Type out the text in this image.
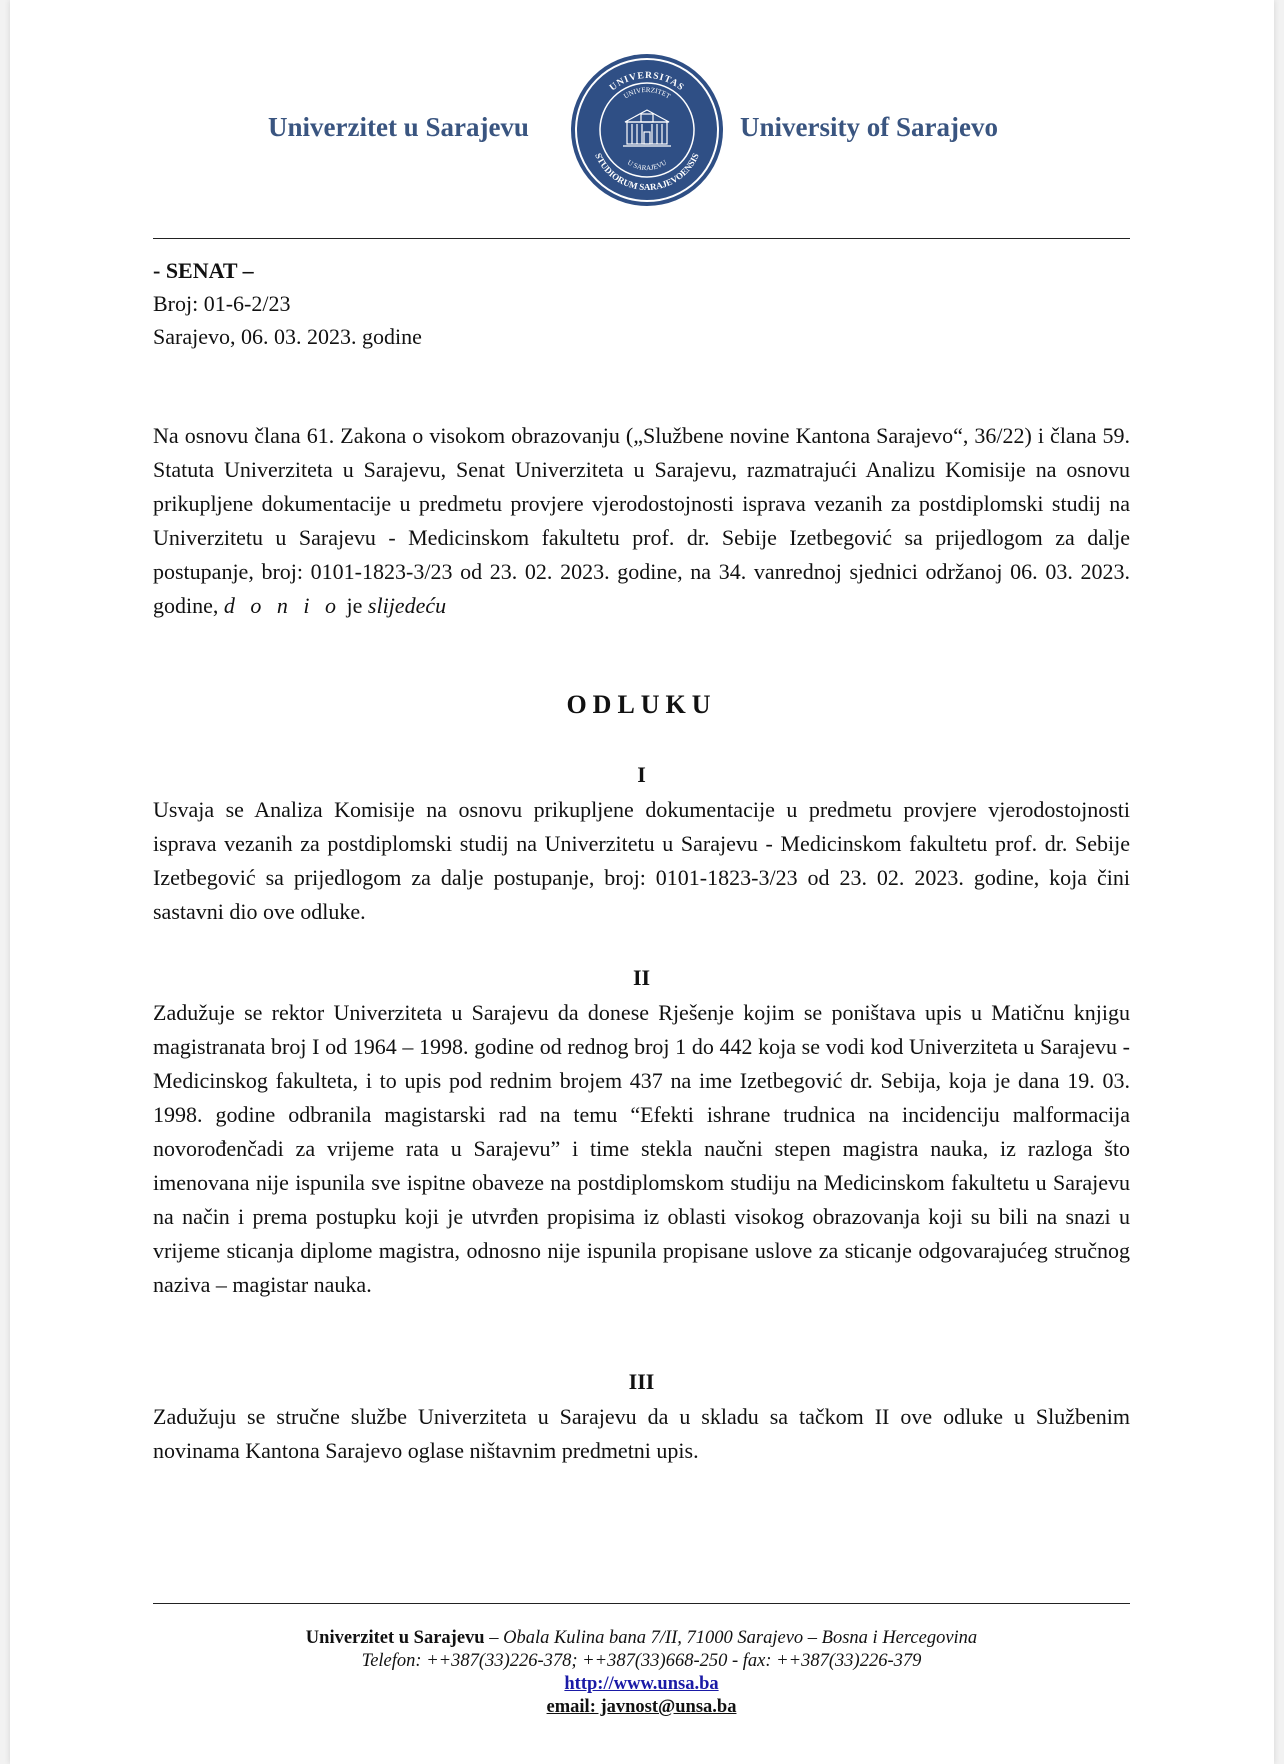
Univerzitet u Sarajevu
UNIVERSITAS
STUDIORUM SARAJEVOENSIS
UNIVERZITET
U SARAJEVU
University of Sarajevo
- SENAT –
Broj: 01-6-2/23
Sarajevo, 06. 03. 2023. godine

Na osnovu člana 61. Zakona o visokom obrazovanju („Službene novine Kantona Sarajevo“, 36/22) i člana 59. Statuta Univerziteta u Sarajevu, Senat Univerziteta u Sarajevu, razmatrajući Analizu Komisije na osnovu prikupljene dokumentacije u predmetu provjere vjerodostojnosti isprava vezanih za postdiplomski studij na Univerzitetu u Sarajevu - Medicinskom fakultetu prof. dr. Sebije Izetbegović sa prijedlogom za dalje postupanje, broj: 0101-1823-3/23 od 23. 02. 2023. godine, na 34. vanrednoj sjednici održanoj 06. 03. 2023. godine, d o n i o je slijedeću

ODLUKU
I

Usvaja se Analiza Komisije na osnovu prikupljene dokumentacije u predmetu provjere vjerodostojnosti isprava vezanih za postdiplomski studij na Univerzitetu u Sarajevu - Medicinskom fakultetu prof. dr. Sebije Izetbegović sa prijedlogom za dalje postupanje, broj: 0101-1823-3/23 od 23. 02. 2023. godine, koja čini sastavni dio ove odluke.

II

Zadužuje se rektor Univerziteta u Sarajevu da donese Rješenje kojim se poništava upis u Matičnu knjigu magistranata broj I od 1964 – 1998. godine od rednog broj 1 do 442 koja se vodi kod Univerziteta u Sarajevu - Medicinskog fakulteta, i to upis pod rednim brojem 437 na ime Izetbegović dr. Sebija, koja je dana 19. 03. 1998. godine odbranila magistarski rad na temu “Efekti ishrane trudnica na incidenciju malformacija novorođenčadi za vrijeme rata u Sarajevu” i time stekla naučni stepen magistra nauka, iz razloga što imenovana nije ispunila sve ispitne obaveze na postdiplomskom studiju na Medicinskom fakultetu u Sarajevu na način i prema postupku koji je utvrđen propisima iz oblasti visokog obrazovanja koji su bili na snazi u vrijeme sticanja diplome magistra, odnosno nije ispunila propisane uslove za sticanje odgovarajućeg stručnog naziva – magistar nauka.

III

Zadužuju se stručne službe Univerziteta u Sarajevu da u skladu sa tačkom II ove odluke u Službenim novinama Kantona Sarajevo oglase ništavnim predmetni upis.

Univerzitet u Sarajevu – Obala Kulina bana 7/II, 71000 Sarajevo – Bosna i Hercegovina
Telefon: ++387(33)226-378; ++387(33)668-250 - fax: ++387(33)226-379
http://www.unsa.ba
email: javnost@unsa.ba
